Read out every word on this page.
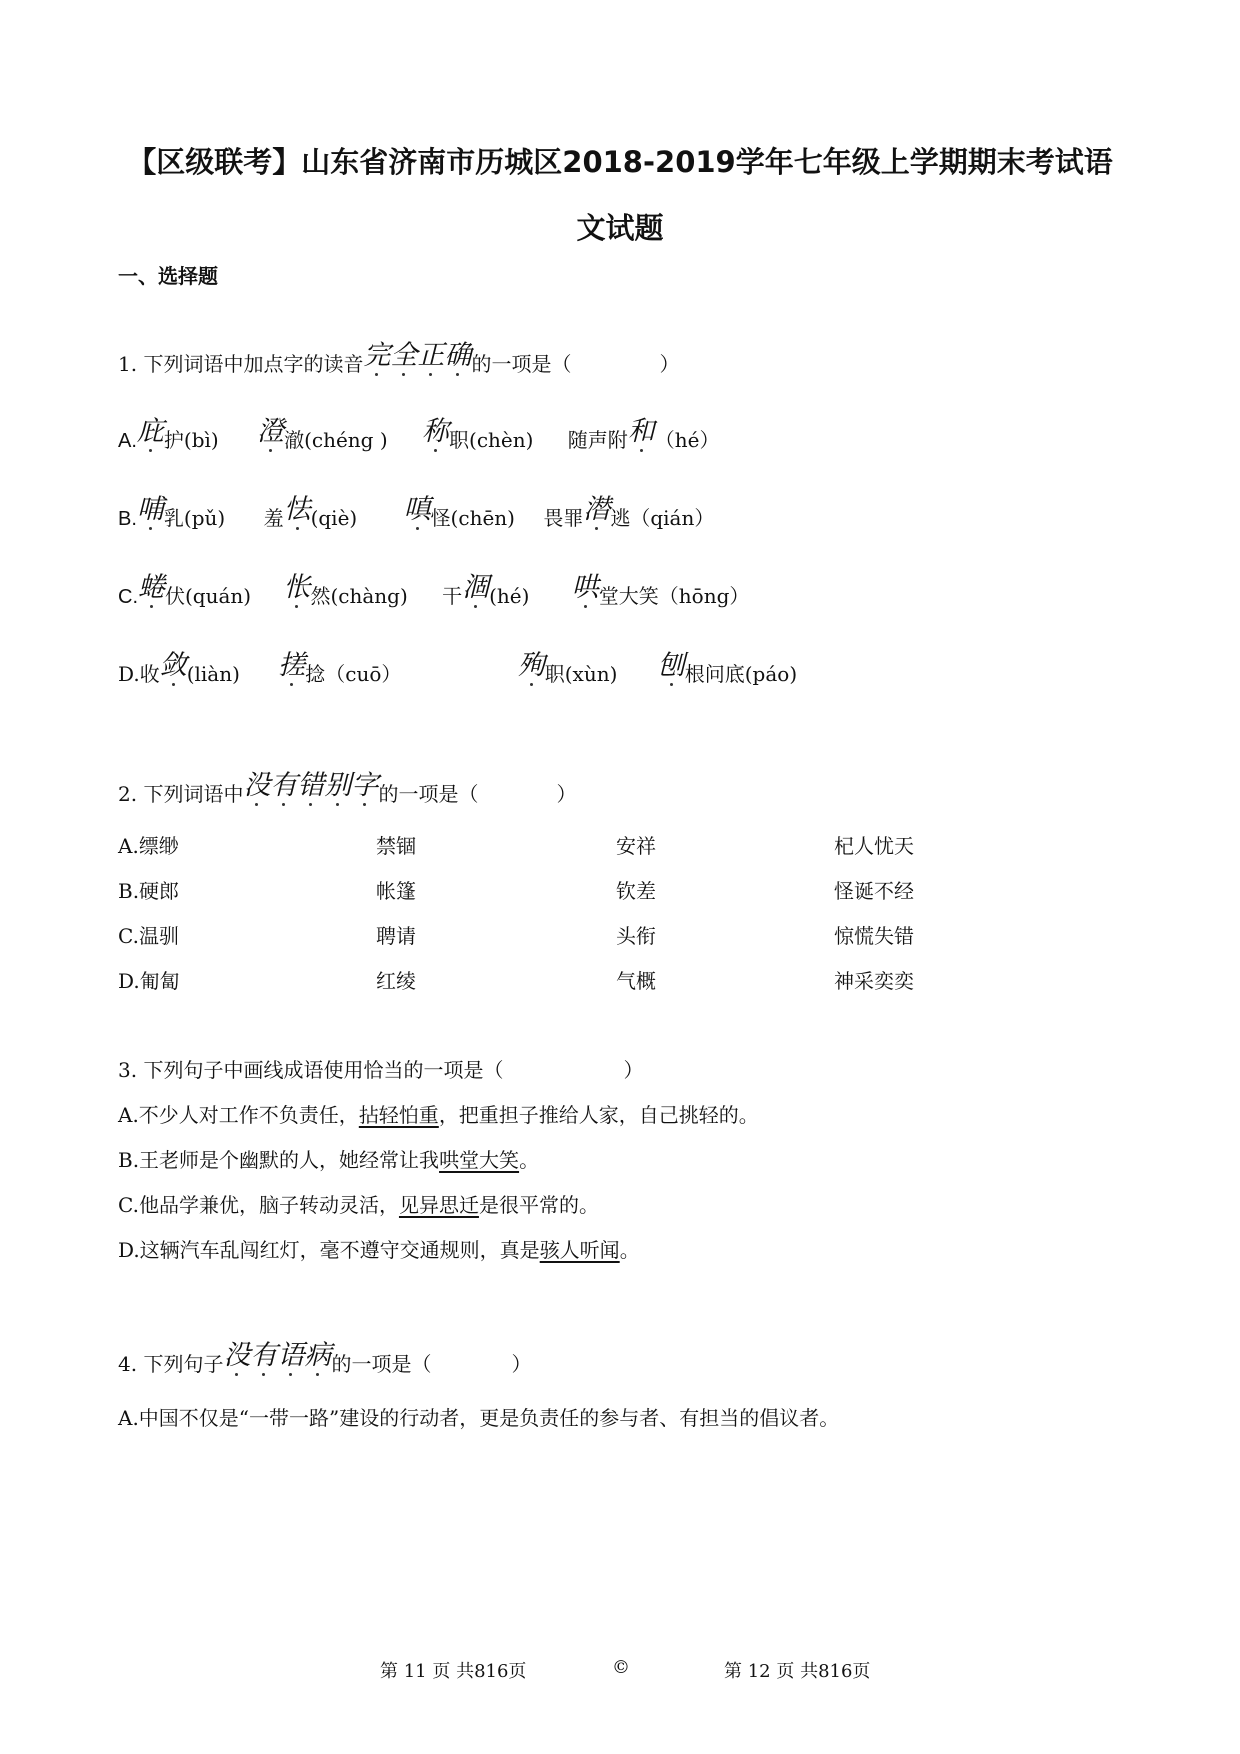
【区级联考】山东省济南市历城区2018-2019学年七年级上学期期末考试语
文试题
一、选择题
1. 下列词语中加点字的读音完全正确的一项是（	）
A.庇护(bì) 澄澈(chéng ) 称职(chèn) 随声附和（hé）
B.哺乳(pǔ) 羞怯(qiè) 嗔怪(chēn) 畏罪潜逃（qián）
C.蜷伏(quán) 怅然(chàng) 干涸(hé) 哄堂大笑（hōng）
D.收敛(liàn) 搓捻（cuō）	殉职(xùn) 刨根问底(páo)
2. 下列词语中没有错别字的一项是（	）
A.缥缈	禁锢	安祥	杞人忧天
B.硬郎	帐篷	钦差	怪诞不经
C.温驯	聘请	头衔	惊慌失错
D.匍匐	红绫	气概	神采奕奕
3. 下列句子中画线成语使用恰当的一项是（	）
A.不少人对工作不负责任，拈轻怕重，把重担子推给人家，自己挑轻的。
B.王老师是个幽默的人，她经常让我哄堂大笑。
C.他品学兼优，脑子转动灵活，见异思迁是很平常的。
D.这辆汽车乱闯红灯，毫不遵守交通规则，真是骇人听闻。
4. 下列句子没有语病的一项是（	）
A.中国不仅是“一带一路”建设的行动者，更是负责任的参与者、有担当的倡议者。
第 11 页 共816页	©	第 12 页 共816页
